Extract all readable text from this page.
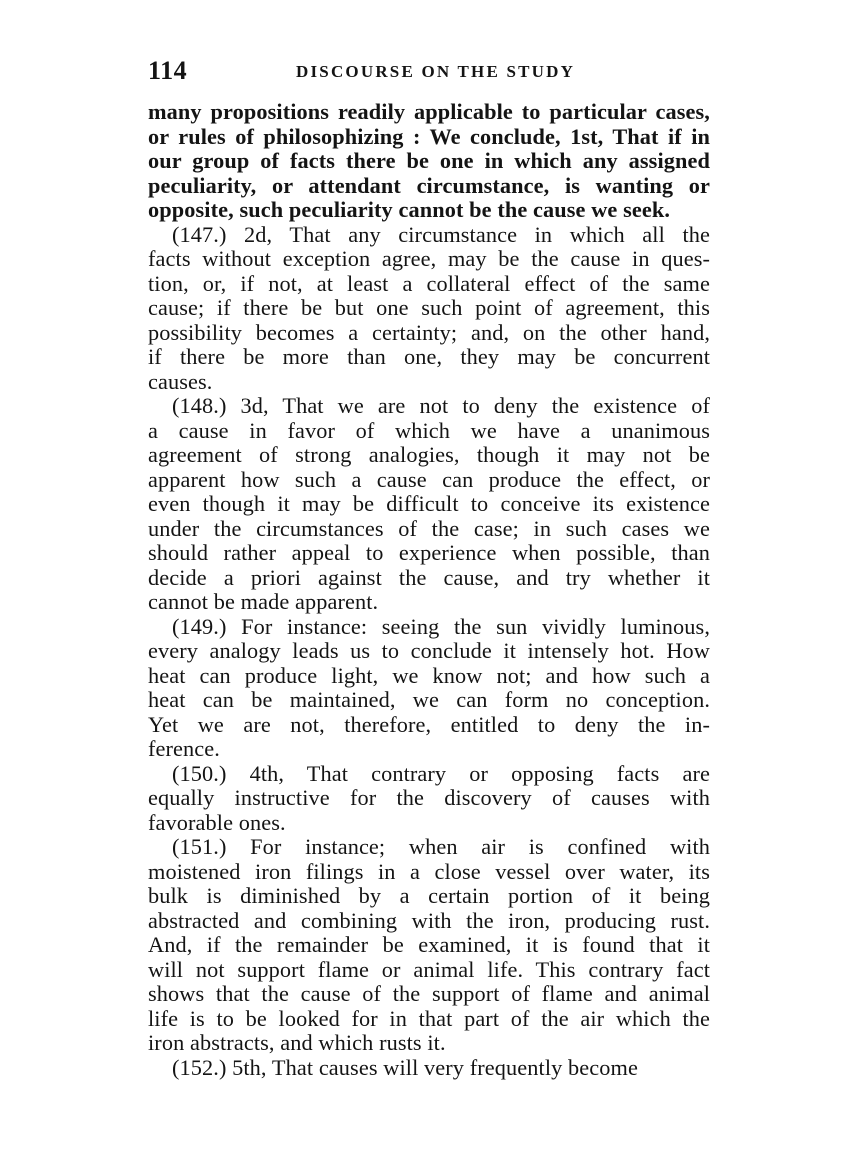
114	DISCOURSE ON THE STUDY
many propositions readily applicable to particular cases,
or rules of philosophizing : We conclude, 1st, That if in
our group of facts there be one in which any assigned
peculiarity, or attendant circumstance, is wanting or
opposite, such peculiarity cannot be the cause we seek.
(147.) 2d, That any circumstance in which all the
facts without exception agree, may be the cause in ques-
tion, or, if not, at least a collateral effect of the same
cause; if there be but one such point of agreement, this
possibility becomes a certainty; and, on the other hand,
if there be more than one, they may be concurrent
causes.
(148.) 3d, That we are not to deny the existence of
a cause in favor of which we have a unanimous
agreement of strong analogies, though it may not be
apparent how such a cause can produce the effect, or
even though it may be difficult to conceive its existence
under the circumstances of the case; in such cases we
should rather appeal to experience when possible, than
decide a priori against the cause, and try whether it
cannot be made apparent.
(149.) For instance: seeing the sun vividly luminous,
every analogy leads us to conclude it intensely hot. How
heat can produce light, we know not; and how such a
heat can be maintained, we can form no conception.
Yet we are not, therefore, entitled to deny the in-
ference.
(150.) 4th, That contrary or opposing facts are
equally instructive for the discovery of causes with
favorable ones.
(151.) For instance; when air is confined with
moistened iron filings in a close vessel over water, its
bulk is diminished by a certain portion of it being
abstracted and combining with the iron, producing rust.
And, if the remainder be examined, it is found that it
will not support flame or animal life. This contrary fact
shows that the cause of the support of flame and animal
life is to be looked for in that part of the air which the
iron abstracts, and which rusts it.
(152.) 5th, That causes will very frequently become
